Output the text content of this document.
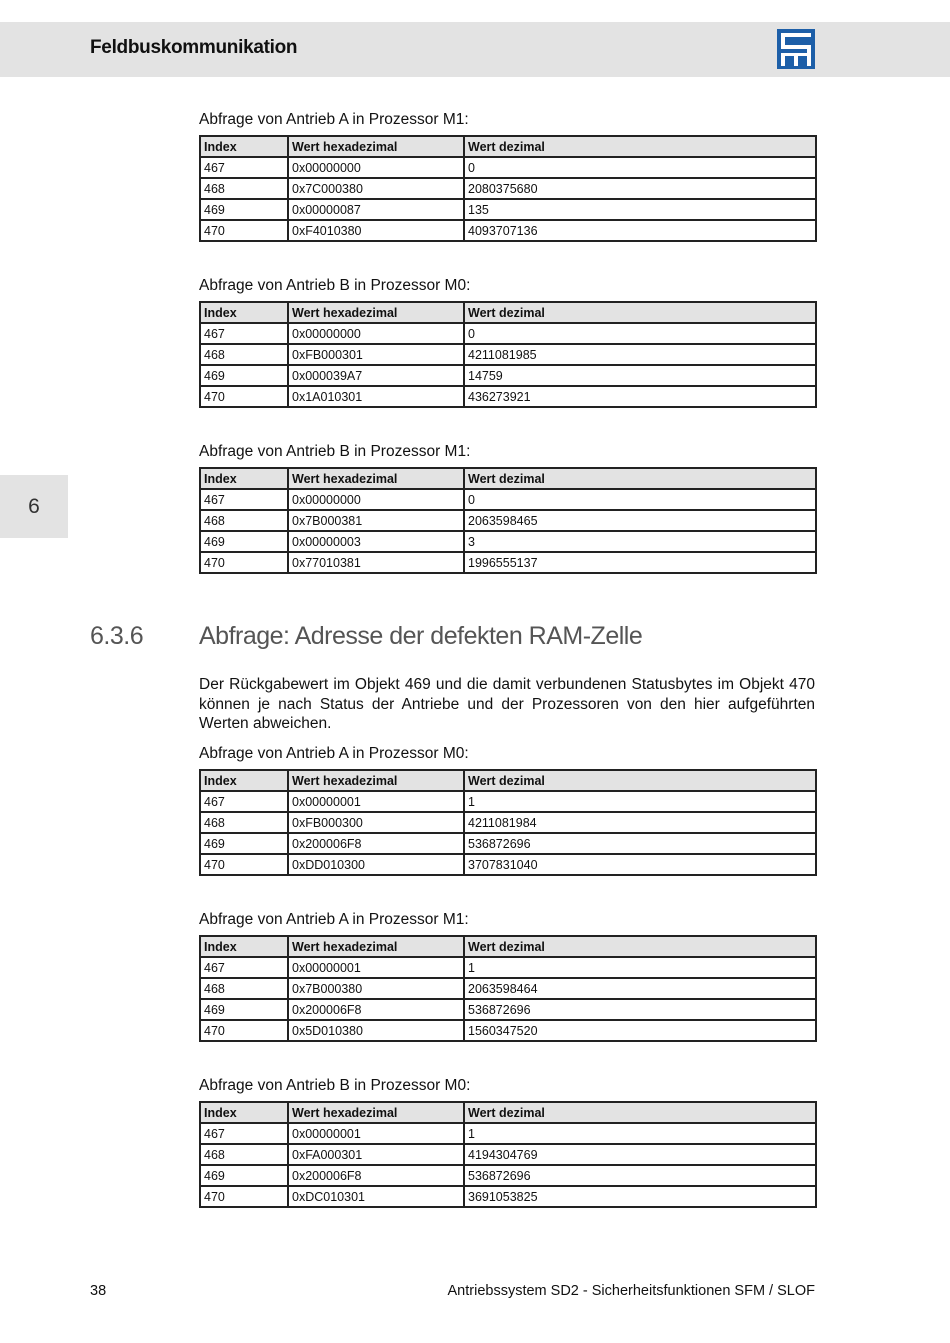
Feldbuskommunikation
6
Abfrage von Antrieb A in Prozessor M1:
Index	Wert hexadezimal	Wert dezimal
467	0x00000000	0
468	0x7C000380	2080375680
469	0x00000087	135
470	0xF4010380	4093707136
Abfrage von Antrieb B in Prozessor M0:
Index	Wert hexadezimal	Wert dezimal
467	0x00000000	0
468	0xFB000301	4211081985
469	0x000039A7	14759
470	0x1A010301	436273921
Abfrage von Antrieb B in Prozessor M1:
Index	Wert hexadezimal	Wert dezimal
467	0x00000000	0
468	0x7B000381	2063598465
469	0x00000003	3
470	0x77010381	1996555137
6.3.6 Abfrage: Adresse der defekten RAM-Zelle
Der Rückgabewert im Objekt 469 und die damit verbundenen Statusbytes im Objekt 470 können je nach Status der Antriebe und der Prozessoren von den hier aufgeführten Werten abweichen.
Abfrage von Antrieb A in Prozessor M0:
Index	Wert hexadezimal	Wert dezimal
467	0x00000001	1
468	0xFB000300	4211081984
469	0x200006F8	536872696
470	0xDD010300	3707831040
Abfrage von Antrieb A in Prozessor M1:
Index	Wert hexadezimal	Wert dezimal
467	0x00000001	1
468	0x7B000380	2063598464
469	0x200006F8	536872696
470	0x5D010380	1560347520
Abfrage von Antrieb B in Prozessor M0:
Index	Wert hexadezimal	Wert dezimal
467	0x00000001	1
468	0xFA000301	4194304769
469	0x200006F8	536872696
470	0xDC010301	3691053825
38	Antriebssystem SD2 - Sicherheitsfunktionen SFM / SLOF
